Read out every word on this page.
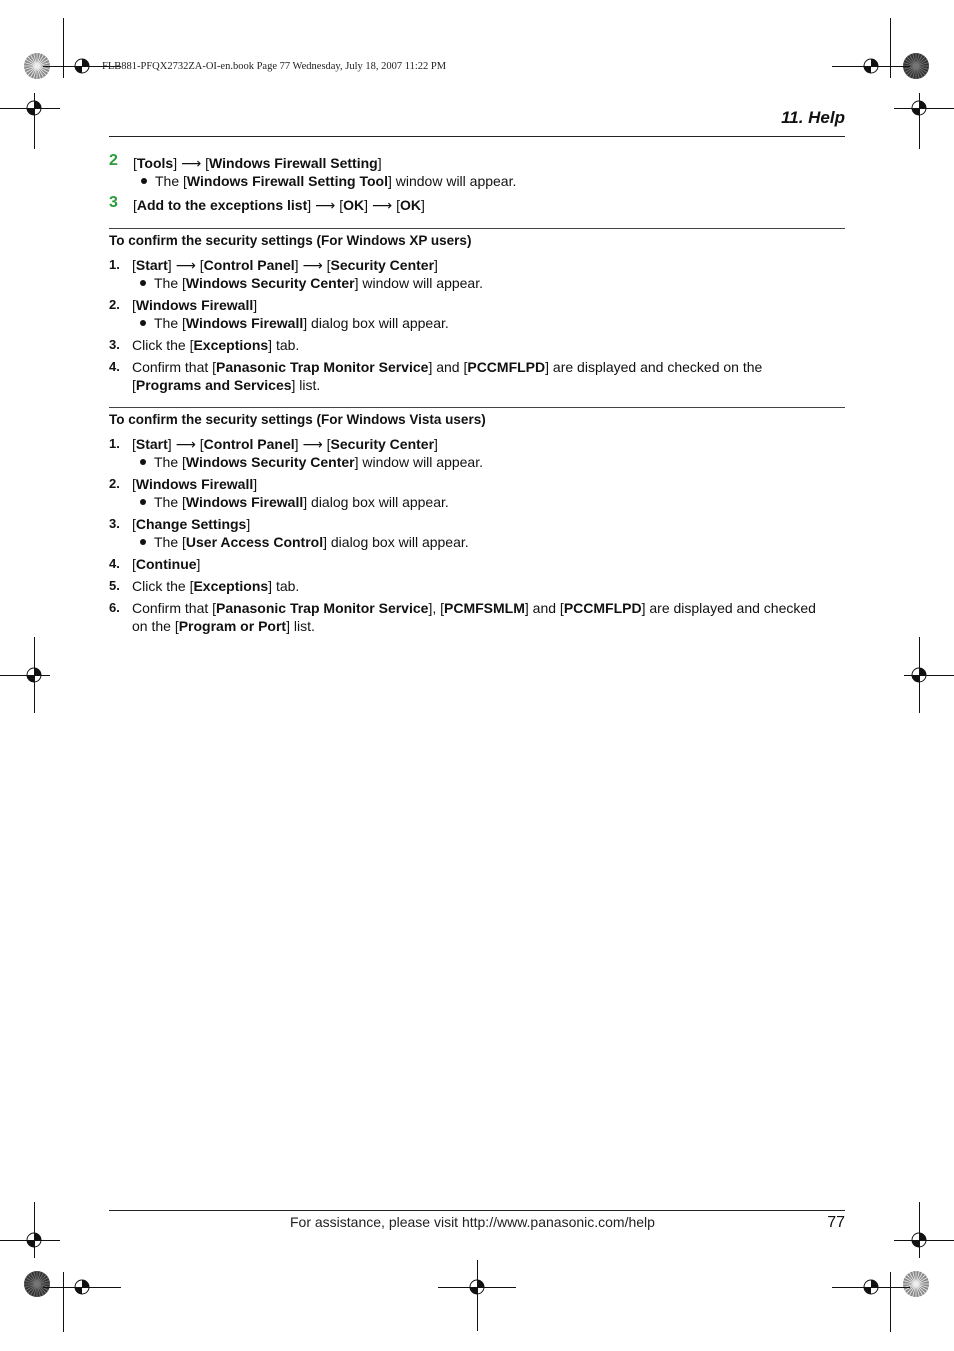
FLB881-PFQX2732ZA-OI-en.book Page 77 Wednesday, July 18, 2007 11:22 PM
11. Help
2 [Tools] ⟶ [Windows Firewall Setting]
The [Windows Firewall Setting Tool] window will appear.
3 [Add to the exceptions list] ⟶ [OK] ⟶ [OK]

To confirm the security settings (For Windows XP users)

1. [Start] ⟶ [Control Panel] ⟶ [Security Center]
The [Windows Security Center] window will appear.
2. [Windows Firewall]
The [Windows Firewall] dialog box will appear.
3. Click the [Exceptions] tab.
4. Confirm that [Panasonic Trap Monitor Service] and [PCCMFLPD] are displayed and checked on the
[Programs and Services] list.

To confirm the security settings (For Windows Vista users)

1. [Start] ⟶ [Control Panel] ⟶ [Security Center]
The [Windows Security Center] window will appear.
2. [Windows Firewall]
The [Windows Firewall] dialog box will appear.
3. [Change Settings]
The [User Access Control] dialog box will appear.
4. [Continue]
5. Click the [Exceptions] tab.
6. Confirm that [Panasonic Trap Monitor Service], [PCMFSMLM] and [PCCMFLPD] are displayed and checked
on the [Program or Port] list.
For assistance, please visit http://www.panasonic.com/help	77
